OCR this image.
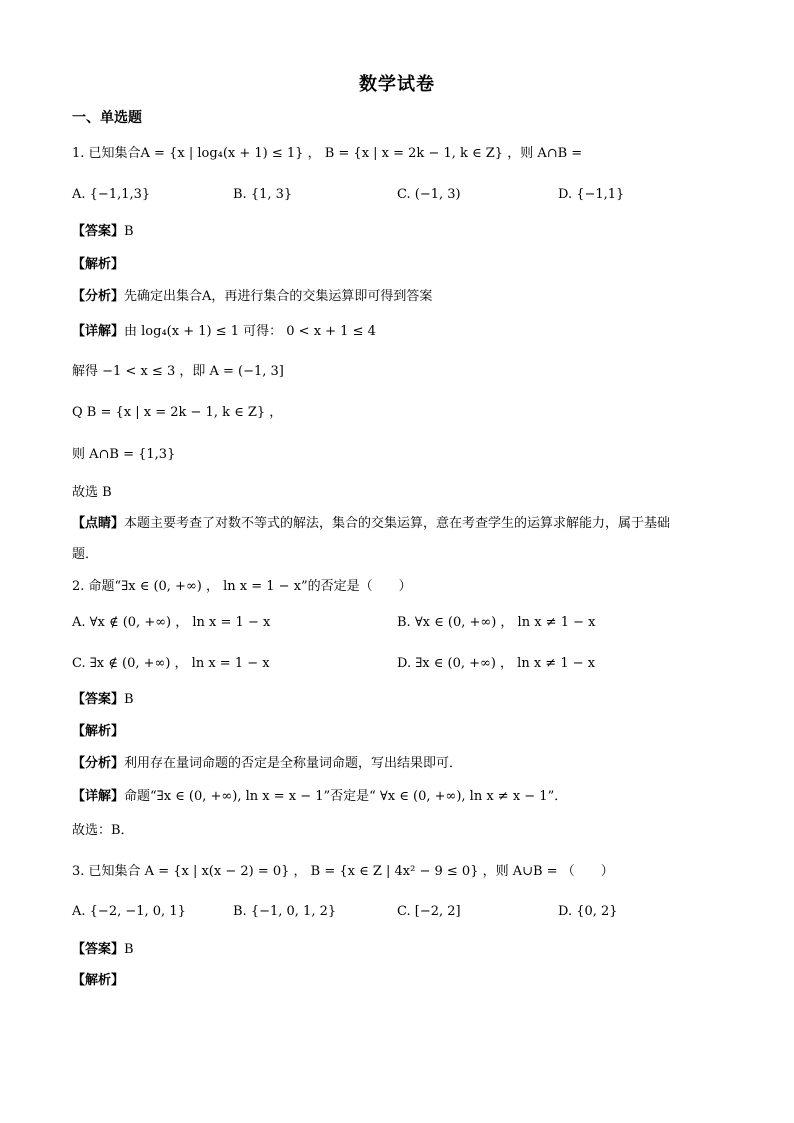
数学试卷
一、单选题
1. 已知集合A = {x | log₄(x + 1) ≤ 1} ， B = {x | x = 2k − 1, k ∈ Z} ，则 A∩B =
A. {−1,1,3}	B. {1, 3}	C. (−1, 3)	D. {−1,1}
【答案】B
【解析】
【分析】先确定出集合A，再进行集合的交集运算即可得到答案
【详解】由 log₄(x + 1) ≤ 1 可得： 0 < x + 1 ≤ 4
解得 −1 < x ≤ 3 ，即 A = (−1, 3]
Q B = {x | x = 2k − 1, k ∈ Z} ，
则 A∩B = {1,3}
故选 B
【点睛】本题主要考查了对数不等式的解法，集合的交集运算，意在考查学生的运算求解能力，属于基础
题．
2. 命题“∃x ∈ (0, +∞) ， ln x = 1 − x”的否定是（　　）
A. ∀x ∉ (0, +∞) ， ln x = 1 − x	B. ∀x ∈ (0, +∞) ， ln x ≠ 1 − x
C. ∃x ∉ (0, +∞) ， ln x = 1 − x	D. ∃x ∈ (0, +∞) ， ln x ≠ 1 − x
【答案】B
【解析】
【分析】利用存在量词命题的否定是全称量词命题，写出结果即可．
【详解】命题“∃x ∈ (0, +∞), ln x = x − 1”否定是“ ∀x ∈ (0, +∞), ln x ≠ x − 1”．
故选：B．
3. 已知集合 A = {x | x(x − 2) = 0} ， B = {x ∈ Z | 4x² − 9 ≤ 0} ，则 A∪B = （　　）
A. {−2, −1, 0, 1}	B. {−1, 0, 1, 2}	C. [−2, 2]	D. {0, 2}
【答案】B
【解析】
